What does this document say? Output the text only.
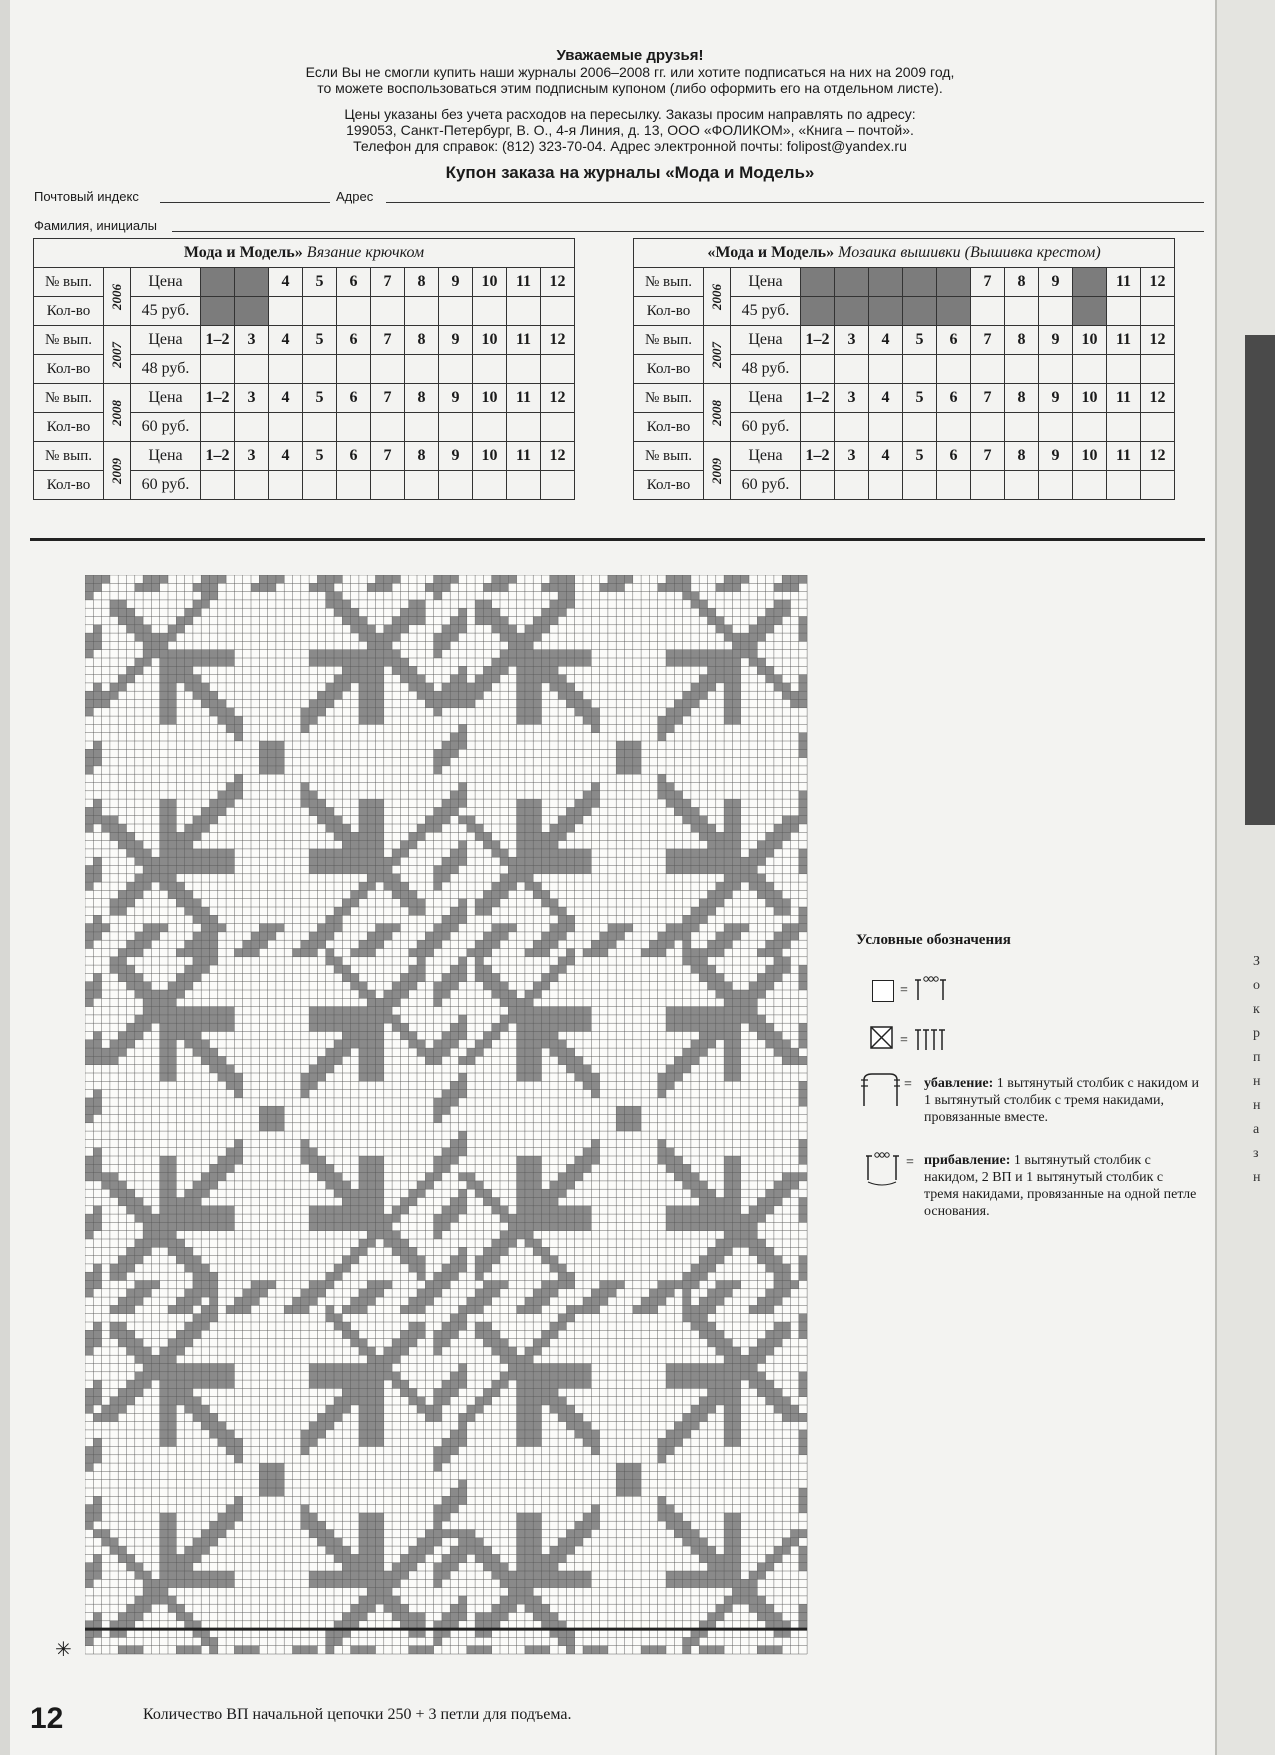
З
о
к
р
п
н
н
а
з
н
Уважаемые друзья!
Если Вы не смогли купить наши журналы 2006–2008 гг. или хотите подписаться на них на 2009 год,
то можете воспользоваться этим подписным купоном (либо оформить его на отдельном листе).
Цены указаны без учета расходов на пересылку. Заказы просим направлять по адресу:
199053, Санкт-Петербург, В. О., 4-я Линия, д. 13, ООО «ФОЛИКОМ», «Книга – почтой».
Телефон для справок: (812) 323-70-04. Адрес электронной почты: folipost@yandex.ru
Купон заказа на журналы «Мода и Модель»
Почтовый индекс	Адрес
Фамилия, инициалы
Мода и Модель» Вязание крючком													
№ вып.	2006	Цена			4	5	6	7	8	9	10	11	12
Кол-во		45 руб.											
№ вып.	2007	Цена	1–2	3	4	5	6	7	8	9	10	11	12
Кол-во		48 руб.											
№ вып.	2008	Цена	1–2	3	4	5	6	7	8	9	10	11	12
Кол-во		60 руб.											
№ вып.	2009	Цена	1–2	3	4	5	6	7	8	9	10	11	12
Кол-во		60 руб.											
«Мода и Модель» Мозаика вышивки (Вышивка крестом)													
№ вып.	2006	Цена						7	8	9		11	12
Кол-во		45 руб.											
№ вып.	2007	Цена	1–2	3	4	5	6	7	8	9	10	11	12
Кол-во		48 руб.											
№ вып.	2008	Цена	1–2	3	4	5	6	7	8	9	10	11	12
Кол-во		60 руб.											
№ вып.	2009	Цена	1–2	3	4	5	6	7	8	9	10	11	12
Кол-во		60 руб.											
Условные обозначения
=
=
= убавление: 1 вытянутый столбик с накидом и 1 вытянутый столбик с тремя накидами, провязанные вместе.
= прибавление: 1 вытянутый столбик с накидом, 2 ВП и 1 вытянутый столбик с тремя накидами, провязанные на одной петле основания.
✳
12	Количество ВП начальной цепочки 250 + 3 петли для подъема.
